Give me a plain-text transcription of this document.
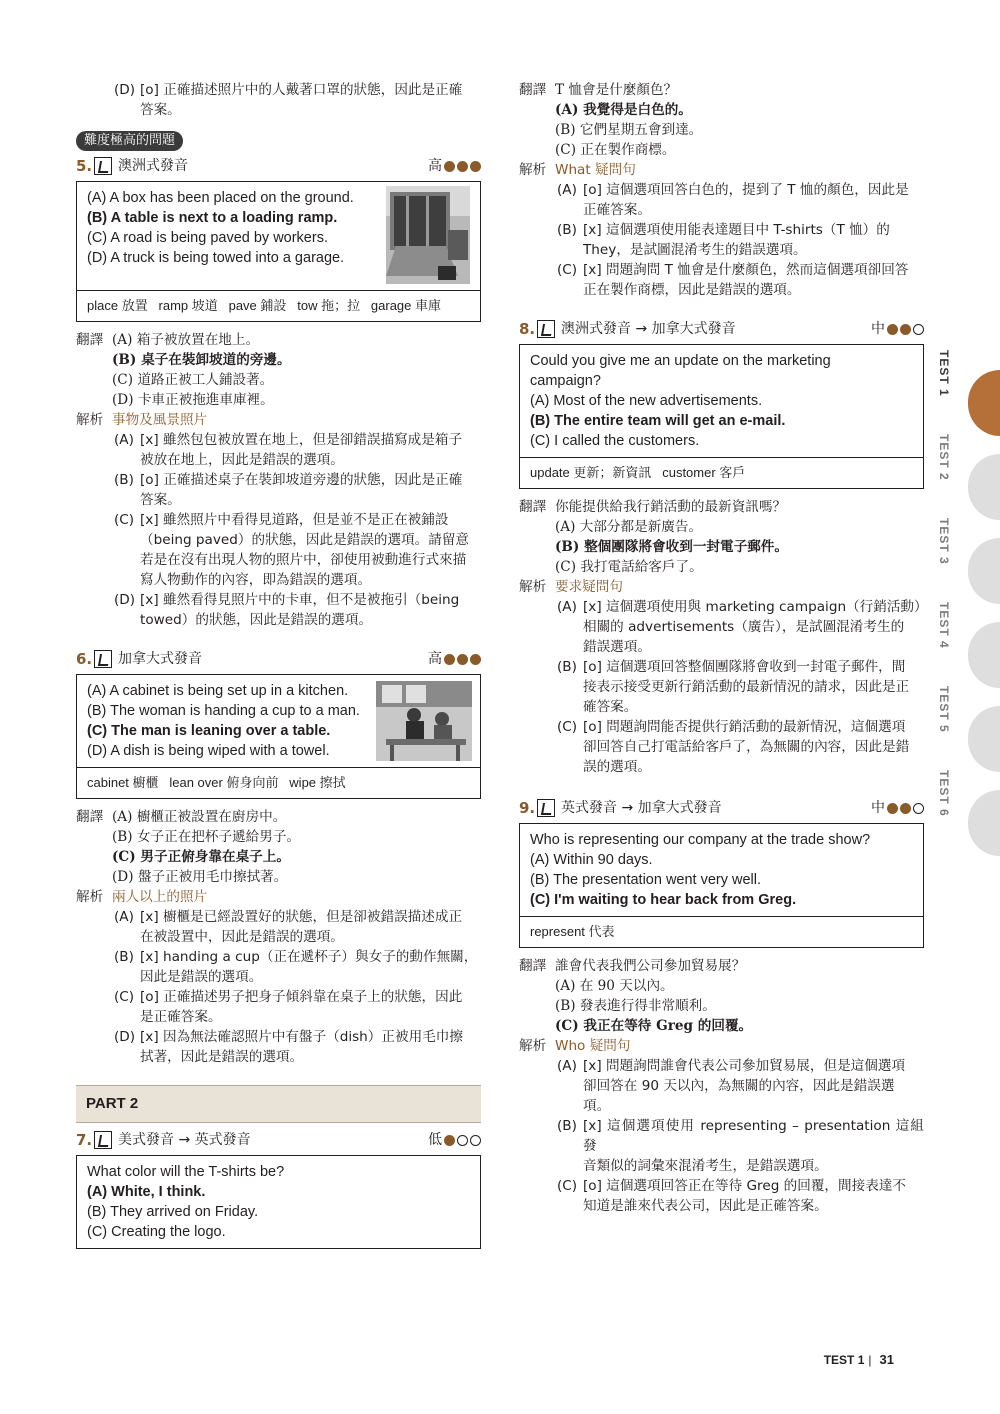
(D) [o] 正確描述照片中的人戴著口罩的狀態，因此是正確
答案。
難度極高的問題
5. 澳洲式發音	高
(A) A box has been placed on the ground.
(B) A table is next to a loading ramp.
(C) A road is being paved by workers.
(D) A truck is being towed into a garage.
place 放置   ramp 坡道   pave 鋪設   tow 拖；拉   garage 車庫
翻譯 (A) 箱子被放置在地上。
(B) 桌子在裝卸坡道的旁邊。
(C) 道路正被工人鋪設著。
(D) 卡車正被拖進車庫裡。
解析 事物及風景照片
(A) [x] 雖然包包被放置在地上，但是卻錯誤描寫成是箱子
被放在地上，因此是錯誤的選項。
(B) [o] 正確描述桌子在裝卸坡道旁邊的狀態，因此是正確
答案。
(C) [x] 雖然照片中看得見道路，但是並不是正在被鋪設
（being paved）的狀態，因此是錯誤的選項。請留意
若是在沒有出現人物的照片中，卻使用被動進行式來描
寫人物動作的內容，即為錯誤的選項。
(D) [x] 雖然看得見照片中的卡車，但不是被拖引（being
towed）的狀態，因此是錯誤的選項。
6. 加拿大式發音	高
(A) A cabinet is being set up in a kitchen.
(B) The woman is handing a cup to a man.
(C) The man is leaning over a table.
(D) A dish is being wiped with a towel.
cabinet 櫥櫃   lean over 俯身向前   wipe 擦拭
翻譯 (A) 櫥櫃正被設置在廚房中。
(B) 女子正在把杯子遞給男子。
(C) 男子正俯身靠在桌子上。
(D) 盤子正被用毛巾擦拭著。
解析 兩人以上的照片
(A) [x] 櫥櫃是已經設置好的狀態，但是卻被錯誤描述成正
在被設置中，因此是錯誤的選項。
(B) [x] handing a cup（正在遞杯子）與女子的動作無關，
因此是錯誤的選項。
(C) [o] 正確描述男子把身子傾斜靠在桌子上的狀態，因此
是正確答案。
(D) [x] 因為無法確認照片中有盤子（dish）正被用毛巾擦
拭著，因此是錯誤的選項。
PART 2
7. 美式發音 → 英式發音	低
What color will the T-shirts be?
(A) White, I think.
(B) They arrived on Friday.
(C) Creating the logo.
翻譯 T 恤會是什麼顏色？
(A) 我覺得是白色的。
(B) 它們星期五會到達。
(C) 正在製作商標。
解析 What 疑問句
(A) [o] 這個選項回答白色的，提到了 T 恤的顏色，因此是
正確答案。
(B) [x] 這個選項使用能表達題目中 T-shirts（T 恤）的
They，是試圖混淆考生的錯誤選項。
(C) [x] 問題詢問 T 恤會是什麼顏色，然而這個選項卻回答
正在製作商標，因此是錯誤的選項。
8. 澳洲式發音 → 加拿大式發音	中
Could you give me an update on the marketing
campaign?
(A) Most of the new advertisements.
(B) The entire team will get an e-mail.
(C) I called the customers.
update 更新；新資訊   customer 客戶
翻譯 你能提供給我行銷活動的最新資訊嗎？
(A) 大部分都是新廣告。
(B) 整個團隊將會收到一封電子郵件。
(C) 我打電話給客戶了。
解析 要求疑問句
(A) [x] 這個選項使用與 marketing campaign（行銷活動）
相關的 advertisements（廣告），是試圖混淆考生的
錯誤選項。
(B) [o] 這個選項回答整個團隊將會收到一封電子郵件，間
接表示接受更新行銷活動的最新情況的請求，因此是正
確答案。
(C) [o] 問題詢問能否提供行銷活動的最新情況，這個選項
卻回答自己打電話給客戶了，為無關的內容，因此是錯
誤的選項。
9. 英式發音 → 加拿大式發音	中
Who is representing our company at the trade show?
(A) Within 90 days.
(B) The presentation went very well.
(C) I'm waiting to hear back from Greg.
represent 代表
翻譯 誰會代表我們公司參加貿易展？
(A) 在 90 天以內。
(B) 發表進行得非常順利。
(C) 我正在等待 Greg 的回覆。
解析 Who 疑問句
(A) [x] 問題詢問誰會代表公司參加貿易展，但是這個選項
卻回答在 90 天以內，為無關的內容，因此是錯誤選
項。
(B) [x] 這個選項使用 representing – presentation 這組發
音類似的詞彙來混淆考生，是錯誤選項。
(C) [o] 這個選項回答正在等待 Greg 的回覆，間接表達不
知道是誰來代表公司，因此是正確答案。
TEST 1
TEST 2
TEST 3
TEST 4
TEST 5
TEST 6
TEST 1 | 31
